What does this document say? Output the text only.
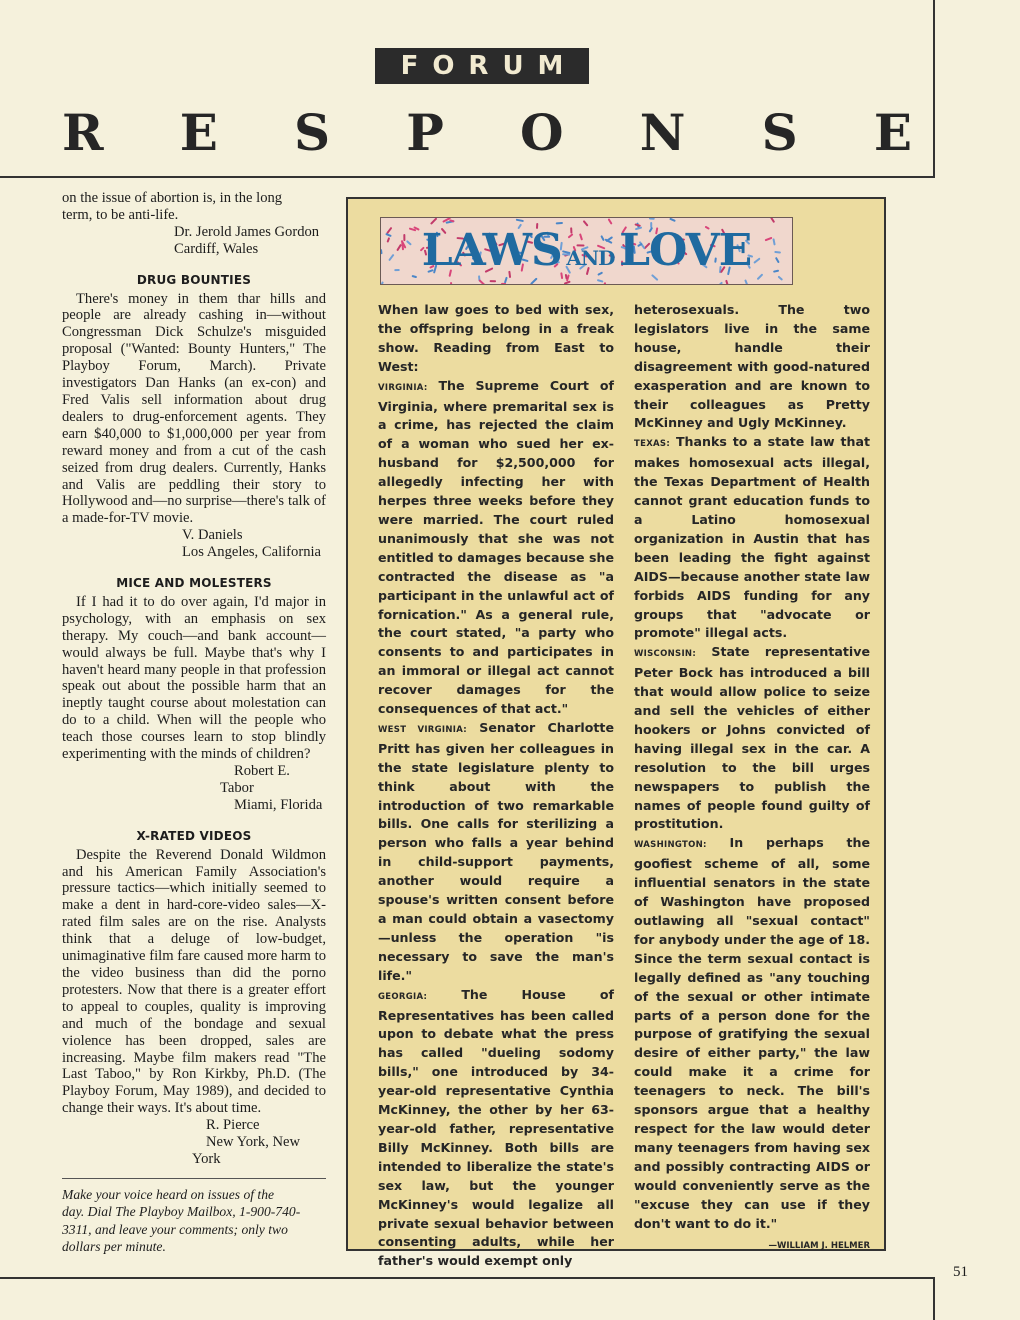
FORUM
R E S P O N S E

on the issue of abortion is, in the long

term, to be anti-life.

Dr. Jerold James Gordon

Cardiff, Wales

DRUG BOUNTIES

There's money in them thar hills and people are already cashing in—without Congressman Dick Schulze's misguided proposal ("Wanted: Bounty Hunters," The Playboy Forum, March). Private investigators Dan Hanks (an ex-con) and Fred Valis sell information about drug dealers to drug-enforcement agents. They earn $40,000 to $1,000,000 per year from reward money and from a cut of the cash seized from drug dealers. Currently, Hanks and Valis are peddling their story to Hollywood and—no surprise—there's talk of a made-for-TV movie.

V. Daniels

Los Angeles, California

MICE AND MOLESTERS

If I had it to do over again, I'd major in psychology, with an emphasis on sex therapy. My couch—and bank account—would always be full. Maybe that's why I haven't heard many people in that profession speak out about the possible harm that an ineptly taught course about molestation can do to a child. When will the people who teach those courses learn to stop blindly experimenting with the minds of children?

Robert E. Tabor

Miami, Florida

X-RATED VIDEOS

Despite the Reverend Donald Wildmon and his American Family Association's pressure tactics—which initially seemed to make a dent in hard-core-video sales—X-rated film sales are on the rise. Analysts think that a deluge of low-budget, unimaginative film fare caused more harm to the video business than did the porno protesters. Now that there is a greater effort to appeal to couples, quality is improving and much of the bondage and sexual violence has been dropped, sales are increasing. Maybe film makers read "The Last Taboo," by Ron Kirkby, Ph.D. (The Playboy Forum, May 1989), and decided to change their ways. It's about time.

R. Pierce

New York, New York

Make your voice heard on issues of the
day. Dial The Playboy Mailbox, 1-900-740-
3311, and leave your comments; only two
dollars per minute.
LAWS AND LOVE

When law goes to bed with sex, the offspring belong in a freak show. Reading from East to West:

VIRGINIA: The Supreme Court of Virginia, where premarital sex is a crime, has rejected the claim of a woman who sued her ex-husband for $2,500,000 for allegedly infecting her with herpes three weeks before they were married. The court ruled unanimously that she was not entitled to damages because she contracted the disease as "a participant in the unlawful act of fornication." As a general rule, the court stated, "a party who consents to and participates in an immoral or illegal act cannot recover damages for the consequences of that act."

WEST VIRGINIA: Senator Charlotte Pritt has given her colleagues in the state legislature plenty to think about with the introduction of two remarkable bills. One calls for sterilizing a person who falls a year behind in child-support payments, another would require a spouse's written consent before a man could obtain a vasectomy—unless the operation "is necessary to save the man's life."

GEORGIA:	The House of Representatives has been called upon to debate what the press has called "dueling sodomy bills," one introduced by 34-year-old representative Cynthia McKinney, the other by her 63-year-old father, representative Billy McKinney. Both bills are intended to liberalize the state's sex law, but the younger McKinney's would legalize all private sexual behavior between consenting adults, while her father's would exempt only

heterosexuals. The two legislators live in the same house, handle their disagreement with good-natured exasperation and are known to their colleagues as Pretty McKinney and Ugly McKinney.

TEXAS: Thanks to a state law that makes homosexual acts illegal, the Texas Department of Health cannot grant education funds to a Latino homosexual organization in Austin that has been leading the fight against AIDS—because another state law forbids AIDS funding for any groups that "advocate or promote" illegal acts.

WISCONSIN: State representative Peter Bock has introduced a bill that would allow police to seize and sell the vehicles of either hookers or Johns convicted of having illegal sex in the car. A resolution to the bill urges newspapers to publish the names of people found guilty of prostitution.

WASHINGTON: In perhaps the goofiest scheme of all, some influential senators in the state of Washington have proposed outlawing all "sexual contact" for anybody under the age of 18. Since the term sexual contact is legally defined as "any touching of the sexual or other intimate parts of a person done for the purpose of gratifying the sexual desire of either party," the law could make it a crime for teenagers to neck. The bill's sponsors argue that a healthy respect for the law would deter many teenagers from having sex and possibly contracting AIDS or would conveniently serve as the "excuse they can use if they don't want to do it."
—WILLIAM J. HELMER

51
